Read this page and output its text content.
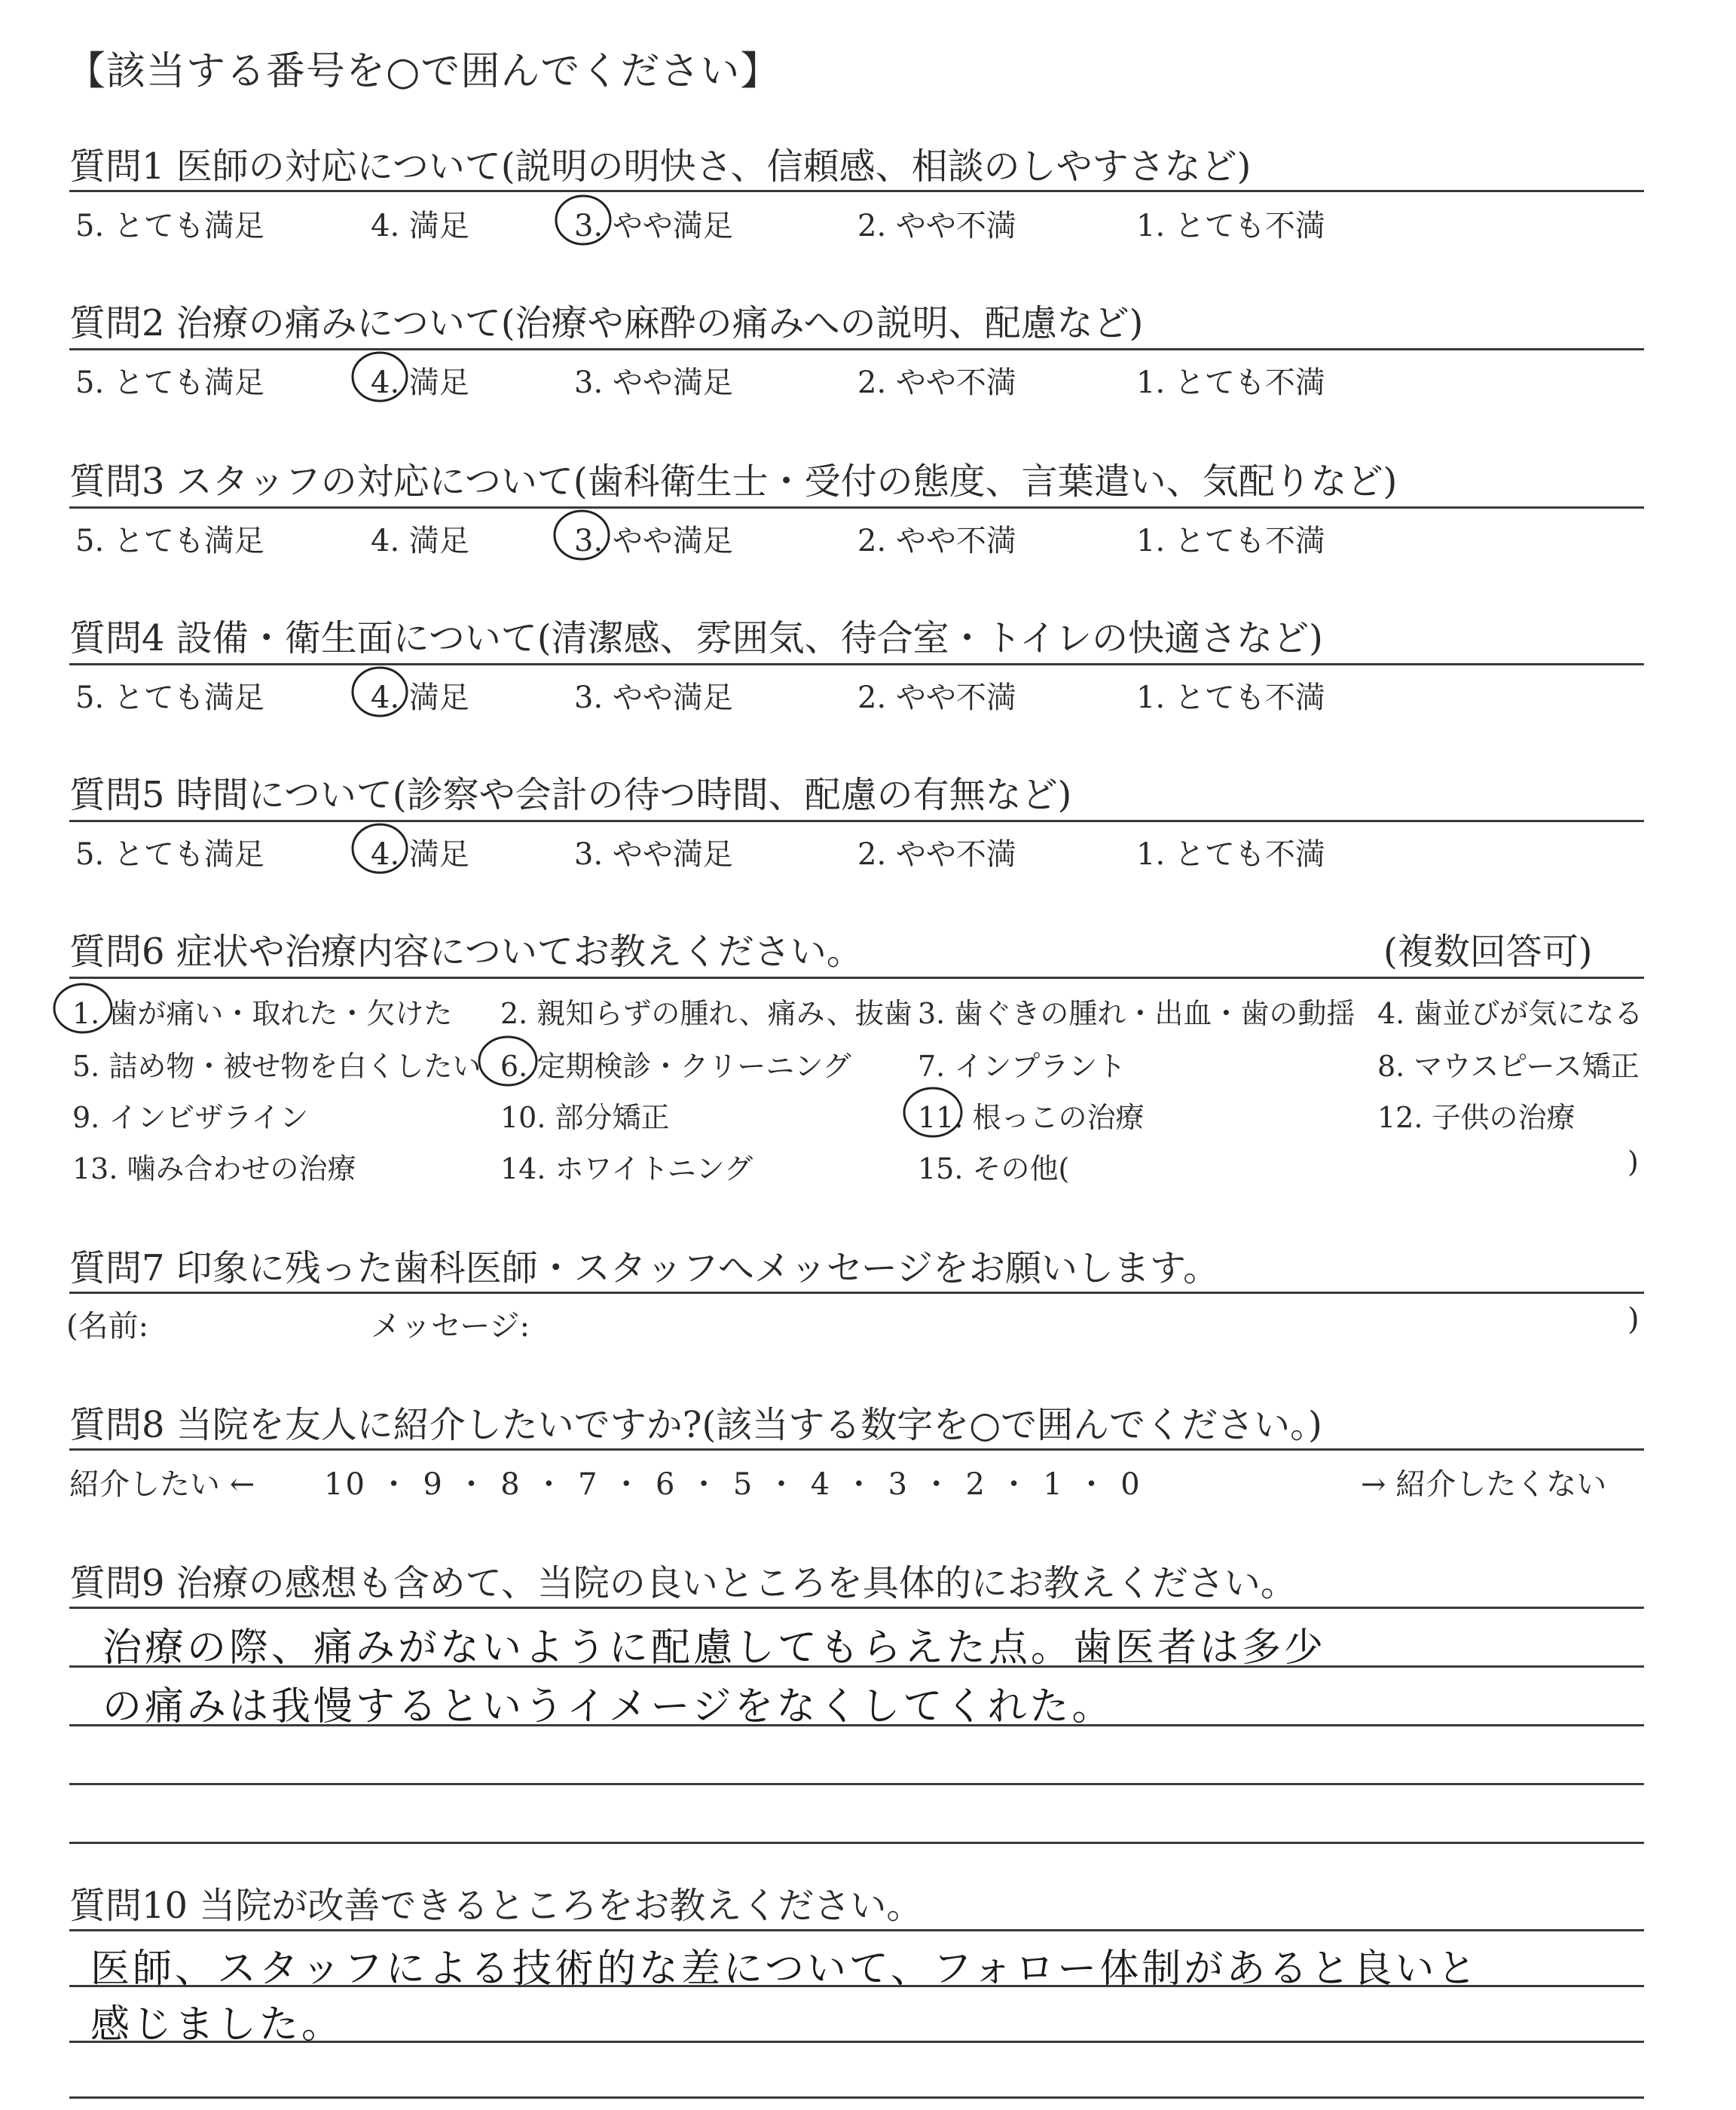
【該当する番号を○で囲んでください】
質問1 医師の対応について(説明の明快さ、信頼感、相談のしやすさなど)
5. とても満足	4. 満足	3. やや満足	2. やや不満	1. とても不満
質問2 治療の痛みについて(治療や麻酔の痛みへの説明、配慮など)
5. とても満足	4. 満足	3. やや満足	2. やや不満	1. とても不満
質問3 スタッフの対応について(歯科衛生士・受付の態度、言葉遣い、気配りなど)
5. とても満足	4. 満足	3. やや満足	2. やや不満	1. とても不満
質問4 設備・衛生面について(清潔感、雰囲気、待合室・トイレの快適さなど)
5. とても満足	4. 満足	3. やや満足	2. やや不満	1. とても不満
質問5 時間について(診察や会計の待つ時間、配慮の有無など)
5. とても満足	4. 満足	3. やや満足	2. やや不満	1. とても不満
質問6 症状や治療内容についてお教えください。	(複数回答可)
1. 歯が痛い・取れた・欠けた 2. 親知らずの腫れ、痛み、抜歯 3. 歯ぐきの腫れ・出血・歯の動揺 4. 歯並びが気になる
5. 詰め物・被せ物を白くしたい 6. 定期検診・クリーニング 7. インプラント	8. マウスピース矯正
9. インビザライン	10. 部分矯正	11. 根っこの治療	12. 子供の治療
13. 噛み合わせの治療	14. ホワイトニング	15. その他(	)
質問7 印象に残った歯科医師・スタッフへメッセージをお願いします。
(名前:	メッセージ:	)
質問8 当院を友人に紹介したいですか?(該当する数字を○で囲んでください。)
紹介したい ← 10 ・ 9 ・ 8 ・ 7 ・ 6 ・ 5 ・ 4 ・ 3 ・ 2 ・ 1 ・ 0	→ 紹介したくない
質問9 治療の感想も含めて、当院の良いところを具体的にお教えください。
治療の際、痛みがないように配慮してもらえた点。歯医者は多少
の痛みは我慢するというイメージをなくしてくれた。
質問10 当院が改善できるところをお教えください。
医師、スタッフによる技術的な差について、フォロー体制があると良いと
感じました。
